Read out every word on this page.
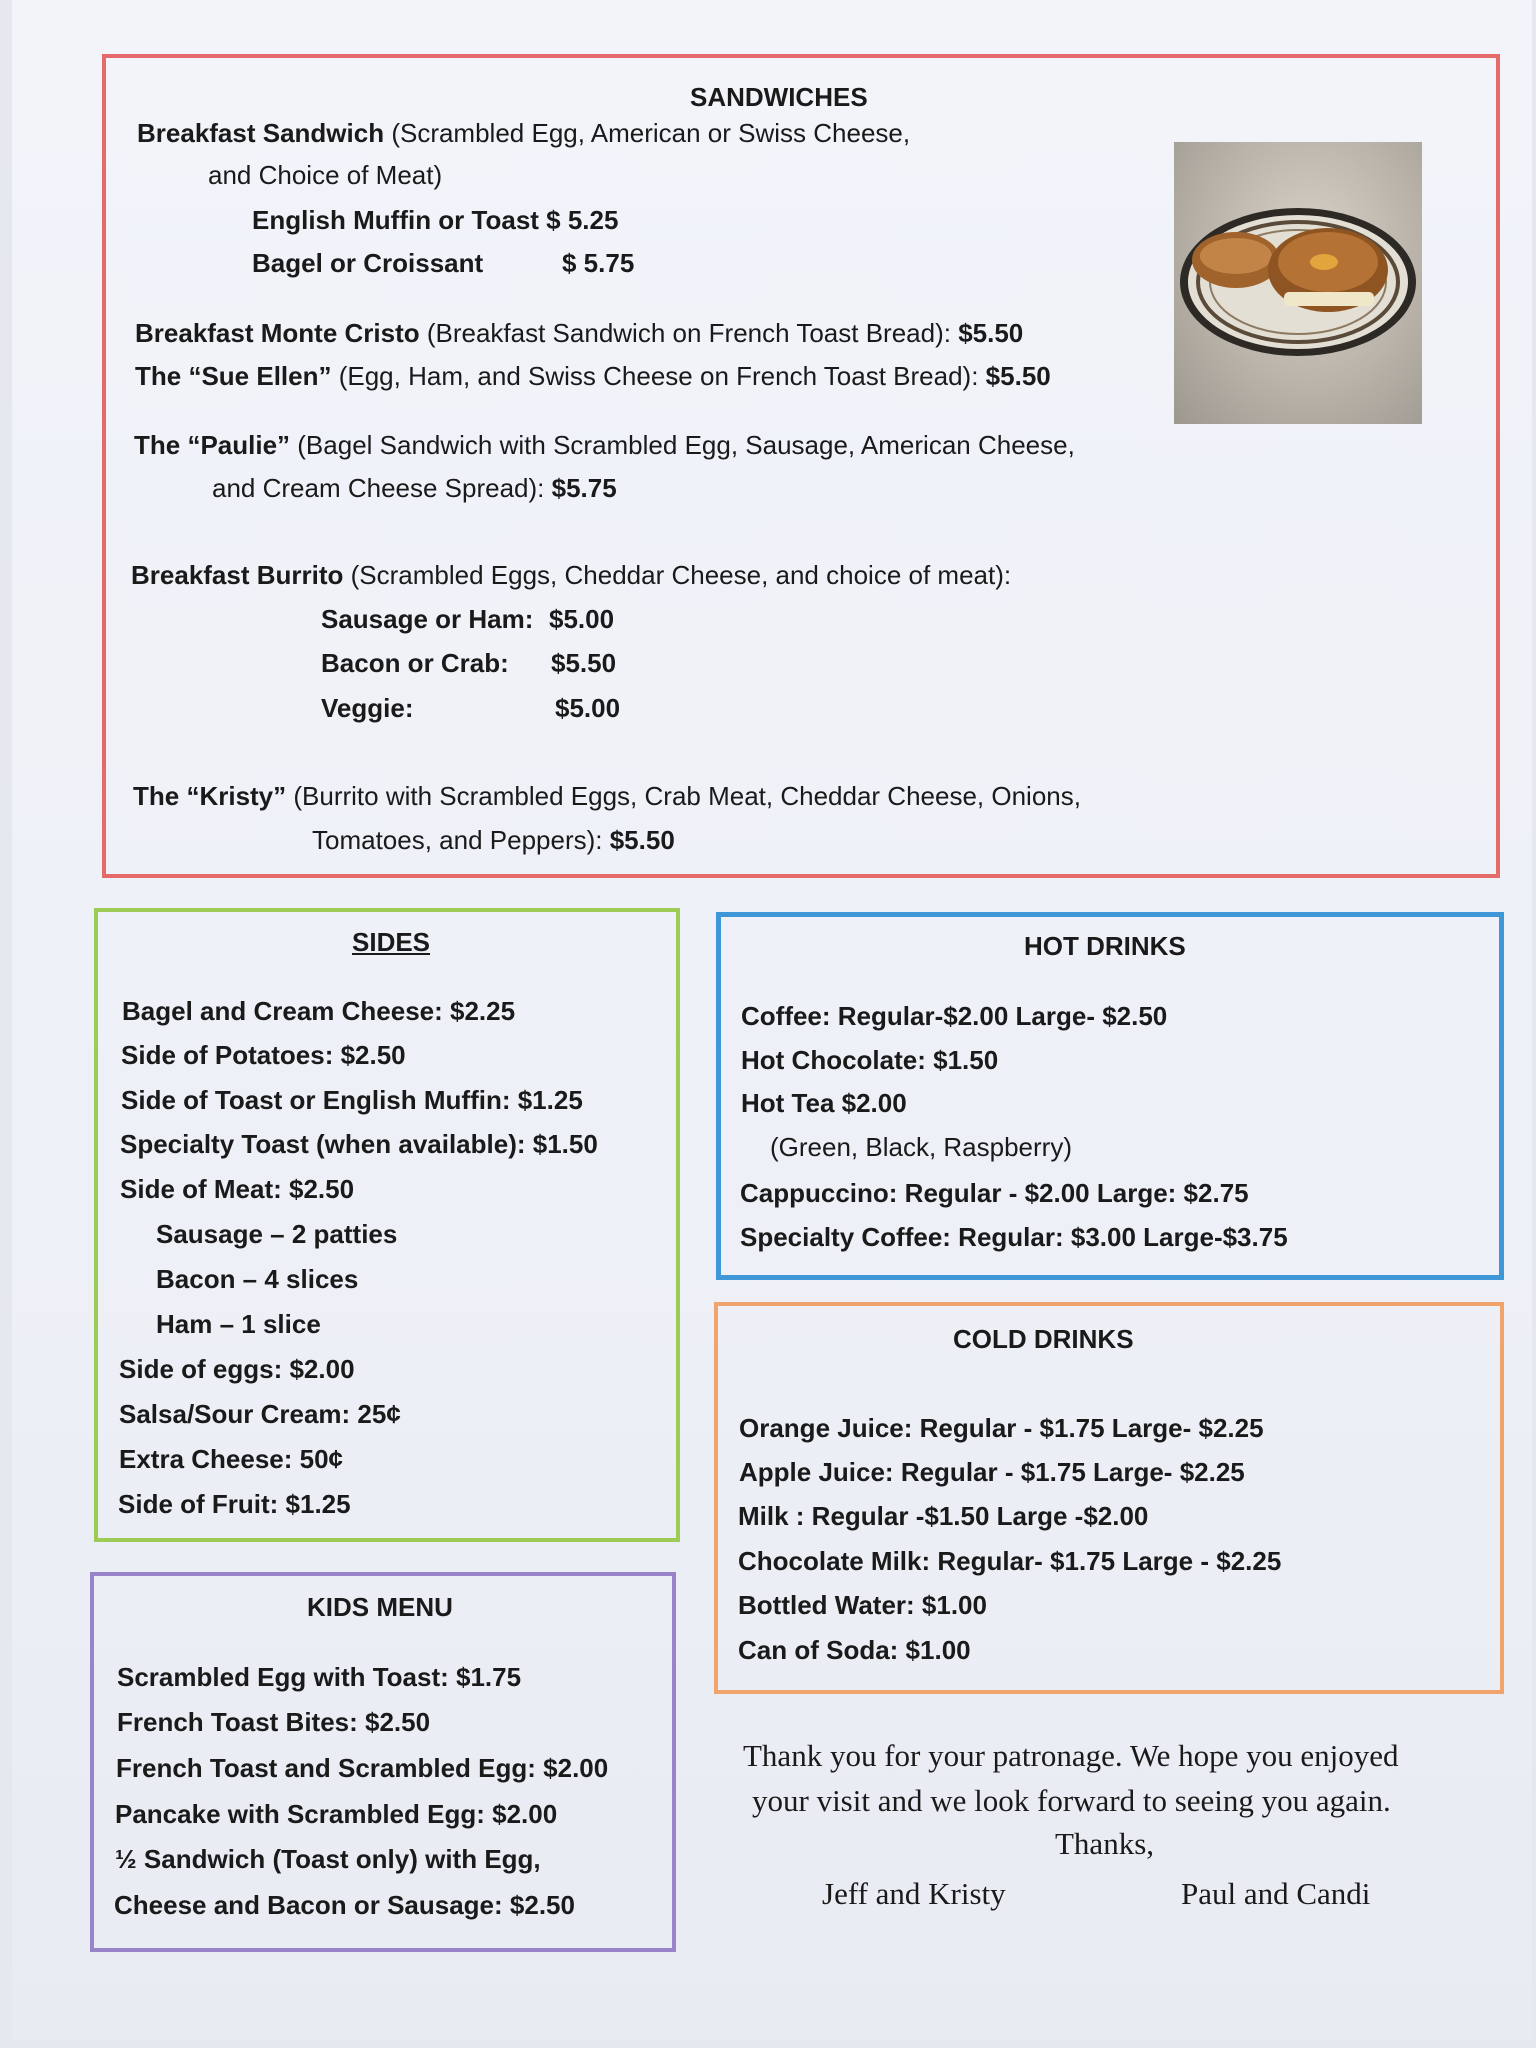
SANDWICHES
Breakfast Sandwich (Scrambled Egg, American or Swiss Cheese,
and Choice of Meat)
English Muffin or Toast $ 5.25
Bagel or Croissant	$ 5.75
Breakfast Monte Cristo (Breakfast Sandwich on French Toast Bread): $5.50
The “Sue Ellen” (Egg, Ham, and Swiss Cheese on French Toast Bread): $5.50
The “Paulie” (Bagel Sandwich with Scrambled Egg, Sausage, American Cheese,
and Cream Cheese Spread): $5.75
Breakfast Burrito (Scrambled Eggs, Cheddar Cheese, and choice of meat):
Sausage or Ham: $5.00
Bacon or Crab: $5.50
Veggie:	$5.00
The “Kristy” (Burrito with Scrambled Eggs, Crab Meat, Cheddar Cheese, Onions,
Tomatoes, and Peppers): $5.50
SIDES
Bagel and Cream Cheese: $2.25
Side of Potatoes: $2.50
Side of Toast or English Muffin: $1.25
Specialty Toast (when available): $1.50
Side of Meat: $2.50
Sausage – 2 patties
Bacon – 4 slices
Ham – 1 slice
Side of eggs: $2.00
Salsa/Sour Cream: 25¢
Extra Cheese: 50¢
Side of Fruit: $1.25
KIDS MENU
Scrambled Egg with Toast: $1.75
French Toast Bites: $2.50
French Toast and Scrambled Egg: $2.00
Pancake with Scrambled Egg: $2.00
½ Sandwich (Toast only) with Egg,
Cheese and Bacon or Sausage: $2.50
HOT DRINKS
Coffee: Regular-$2.00 Large- $2.50
Hot Chocolate: $1.50
Hot Tea $2.00
(Green, Black, Raspberry)
Cappuccino: Regular - $2.00 Large: $2.75
Specialty Coffee: Regular: $3.00 Large-$3.75
COLD DRINKS
Orange Juice: Regular - $1.75 Large- $2.25
Apple Juice: Regular - $1.75 Large- $2.25
Milk : Regular -$1.50 Large -$2.00
Chocolate Milk: Regular- $1.75 Large - $2.25
Bottled Water: $1.00
Can of Soda: $1.00
Thank you for your patronage. We hope you enjoyed
your visit and we look forward to seeing you again.
Thanks,
Jeff and Kristy	Paul and Candi
